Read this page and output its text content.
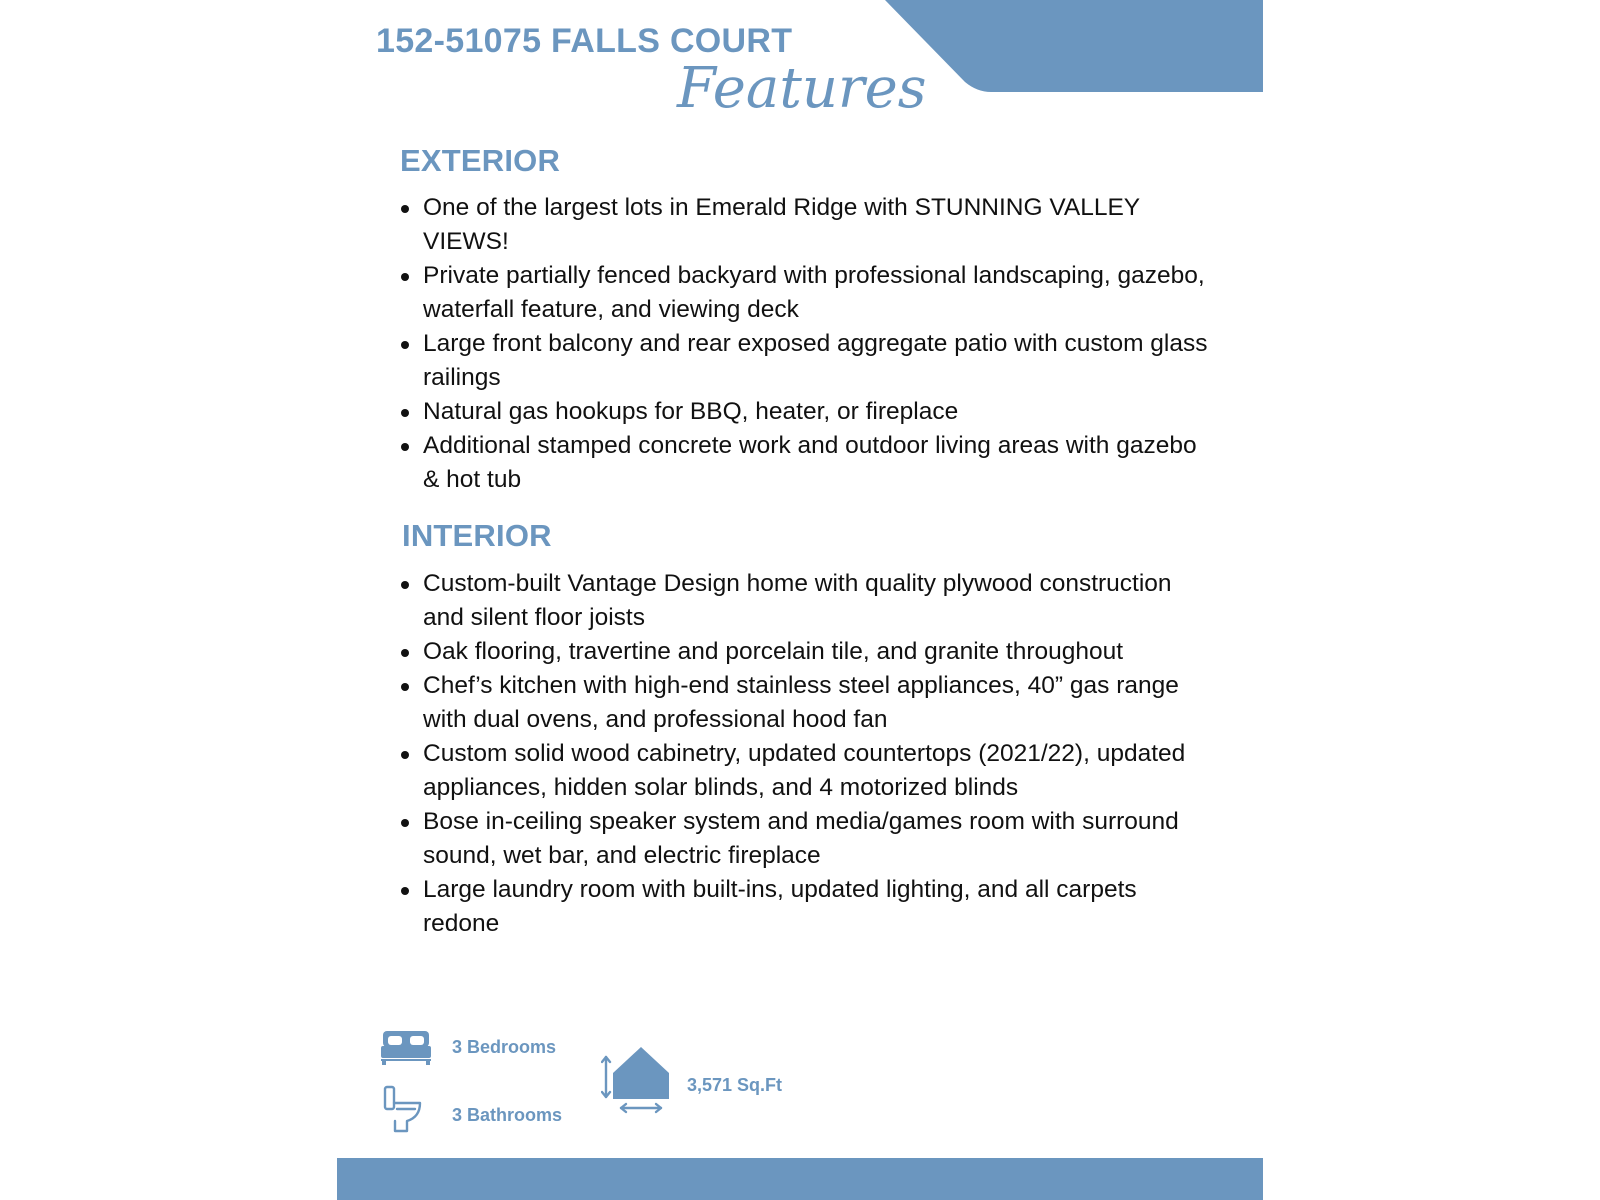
152-51075 FALLS COURT
Features
EXTERIOR
One of the largest lots in Emerald Ridge with STUNNING VALLEY VIEWS!
Private partially fenced backyard with professional landscaping, gazebo, waterfall feature, and viewing deck
Large front balcony and rear exposed aggregate patio with custom glass railings
Natural gas hookups for BBQ, heater, or fireplace
Additional stamped concrete work and outdoor living areas with gazebo & hot tub
INTERIOR
Custom-built Vantage Design home with quality plywood construction and silent floor joists
Oak flooring, travertine and porcelain tile, and granite throughout
Chef’s kitchen with high-end stainless steel appliances, 40” gas range with dual ovens, and professional hood fan
Custom solid wood cabinetry, updated countertops (2021/22), updated appliances, hidden solar blinds, and 4 motorized blinds
Bose in-ceiling speaker system and media/games room with surround sound, wet bar, and electric fireplace
Large laundry room with built-ins, updated lighting, and all carpets redone
3 Bedrooms
3 Bathrooms
3,571 Sq.Ft
